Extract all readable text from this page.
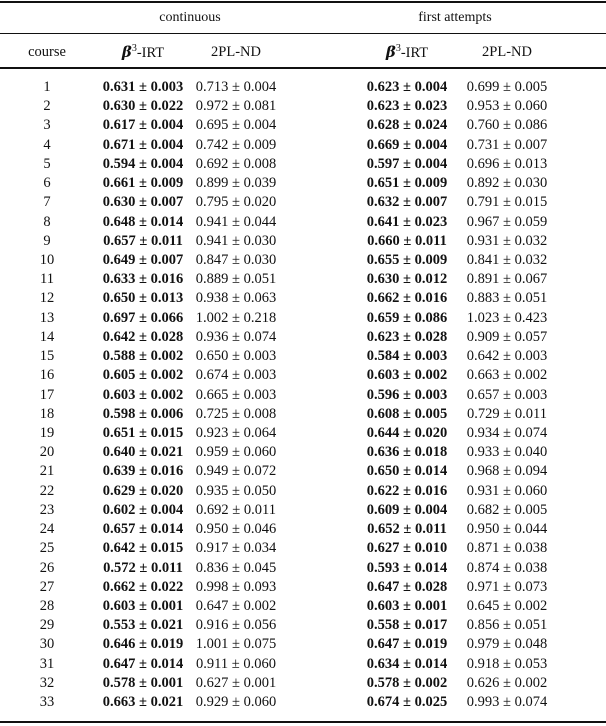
continuous	first attempts
course	$\beta^3$-IRT	2PL-ND	$\beta^3$-IRT	2PL-ND
1	0.631 ± 0.003 0.713 ± 0.004	0.623 ± 0.004 0.699 ± 0.005
2	0.630 ± 0.022 0.972 ± 0.081	0.623 ± 0.023 0.953 ± 0.060
3	0.617 ± 0.004 0.695 ± 0.004	0.628 ± 0.024 0.760 ± 0.086
4	0.671 ± 0.004 0.742 ± 0.009	0.669 ± 0.004 0.731 ± 0.007
5	0.594 ± 0.004 0.692 ± 0.008	0.597 ± 0.004 0.696 ± 0.013
6	0.661 ± 0.009 0.899 ± 0.039	0.651 ± 0.009 0.892 ± 0.030
7	0.630 ± 0.007 0.795 ± 0.020	0.632 ± 0.007 0.791 ± 0.015
8	0.648 ± 0.014 0.941 ± 0.044	0.641 ± 0.023 0.967 ± 0.059
9	0.657 ± 0.011 0.941 ± 0.030	0.660 ± 0.011 0.931 ± 0.032
10	0.649 ± 0.007 0.847 ± 0.030	0.655 ± 0.009 0.841 ± 0.032
11	0.633 ± 0.016 0.889 ± 0.051	0.630 ± 0.012 0.891 ± 0.067
12	0.650 ± 0.013 0.938 ± 0.063	0.662 ± 0.016 0.883 ± 0.051
13	0.697 ± 0.066 1.002 ± 0.218	0.659 ± 0.086 1.023 ± 0.423
14	0.642 ± 0.028 0.936 ± 0.074	0.623 ± 0.028 0.909 ± 0.057
15	0.588 ± 0.002 0.650 ± 0.003	0.584 ± 0.003 0.642 ± 0.003
16	0.605 ± 0.002 0.674 ± 0.003	0.603 ± 0.002 0.663 ± 0.002
17	0.603 ± 0.002 0.665 ± 0.003	0.596 ± 0.003 0.657 ± 0.003
18	0.598 ± 0.006 0.725 ± 0.008	0.608 ± 0.005 0.729 ± 0.011
19	0.651 ± 0.015 0.923 ± 0.064	0.644 ± 0.020 0.934 ± 0.074
20	0.640 ± 0.021 0.959 ± 0.060	0.636 ± 0.018 0.933 ± 0.040
21	0.639 ± 0.016 0.949 ± 0.072	0.650 ± 0.014 0.968 ± 0.094
22	0.629 ± 0.020 0.935 ± 0.050	0.622 ± 0.016 0.931 ± 0.060
23	0.602 ± 0.004 0.692 ± 0.011	0.609 ± 0.004 0.682 ± 0.005
24	0.657 ± 0.014 0.950 ± 0.046	0.652 ± 0.011 0.950 ± 0.044
25	0.642 ± 0.015 0.917 ± 0.034	0.627 ± 0.010 0.871 ± 0.038
26	0.572 ± 0.011 0.836 ± 0.045	0.593 ± 0.014 0.874 ± 0.038
27	0.662 ± 0.022 0.998 ± 0.093	0.647 ± 0.028 0.971 ± 0.073
28	0.603 ± 0.001 0.647 ± 0.002	0.603 ± 0.001 0.645 ± 0.002
29	0.553 ± 0.021 0.916 ± 0.056	0.558 ± 0.017 0.856 ± 0.051
30	0.646 ± 0.019 1.001 ± 0.075	0.647 ± 0.019 0.979 ± 0.048
31	0.647 ± 0.014 0.911 ± 0.060	0.634 ± 0.014 0.918 ± 0.053
32	0.578 ± 0.001 0.627 ± 0.001	0.578 ± 0.002 0.626 ± 0.002
33	0.663 ± 0.021 0.929 ± 0.060	0.674 ± 0.025 0.993 ± 0.074
